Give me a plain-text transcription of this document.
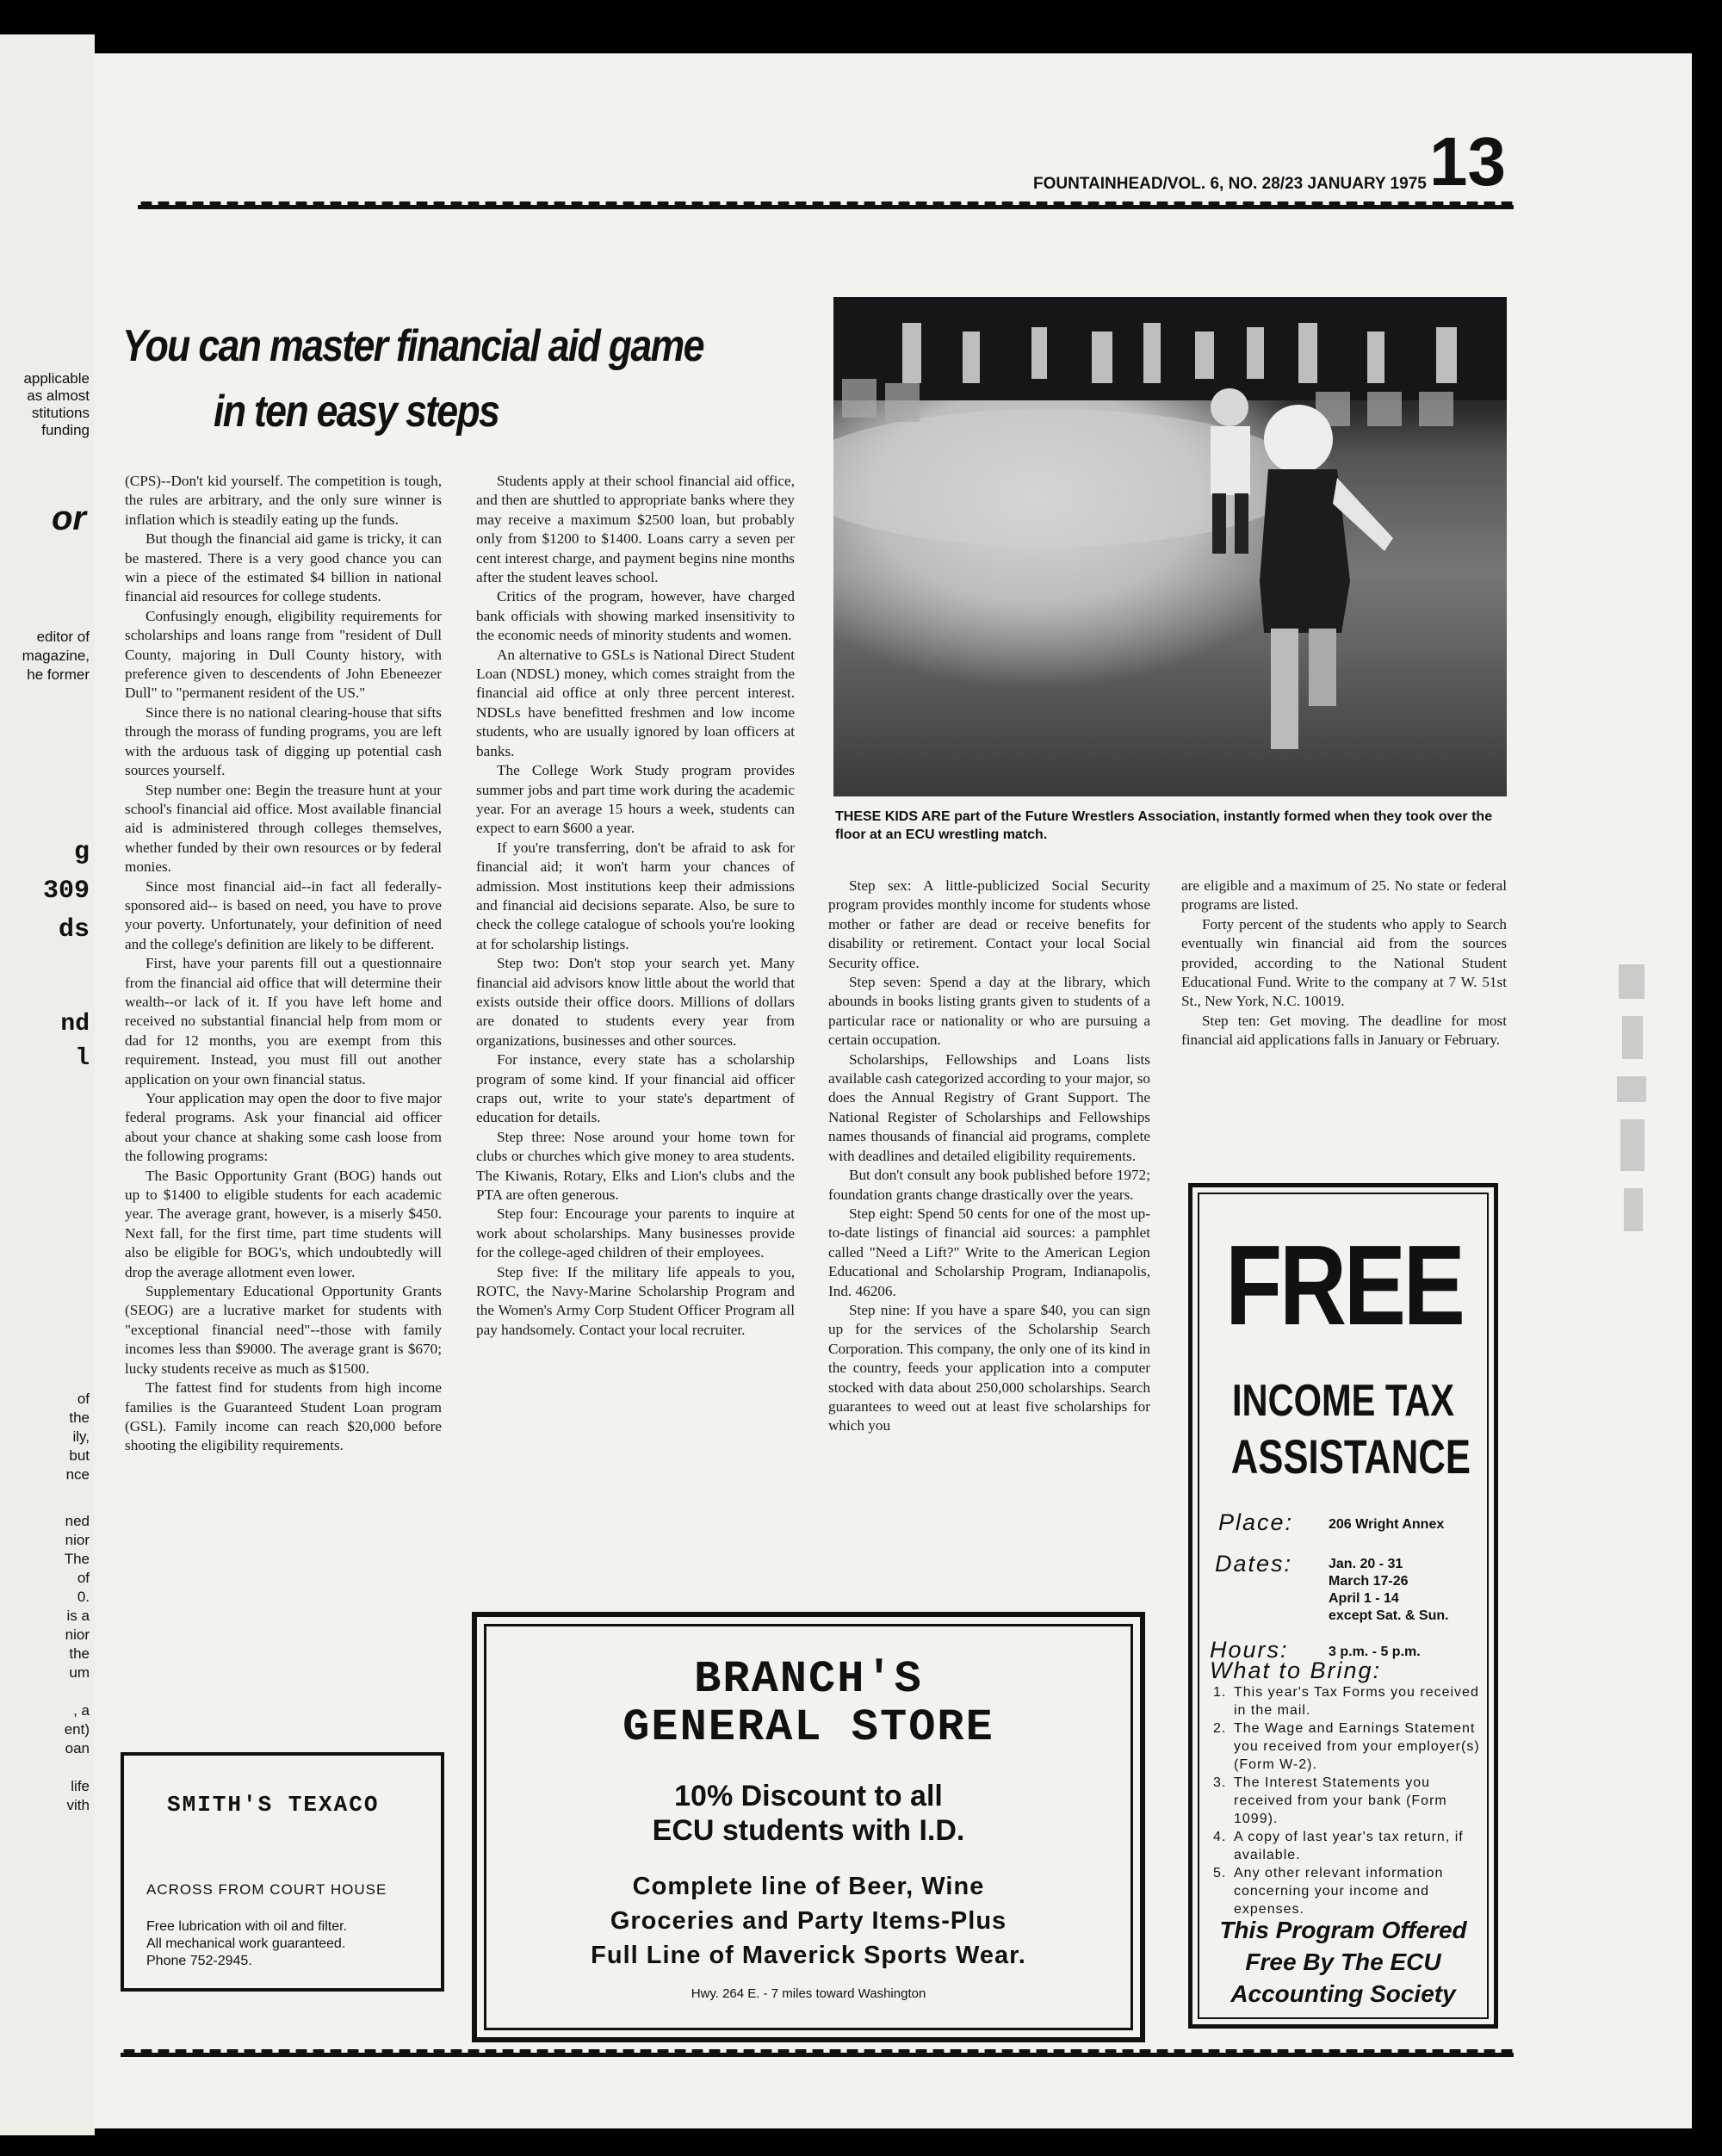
applicable
as almost
stitutions
funding
or
editor of
magazine,
he former
g
309
ds
nd
l
of
the
ily,
but
nce
ned
nior
The
of
0.
is a
nior
the
um
, a
ent)
oan
life
vith
FOUNTAINHEAD/VOL. 6, NO. 28/23 JANUARY 1975 13
You can master financial aid game
in ten easy steps

(CPS)--Don't kid yourself. The competition is tough, the rules are arbitrary, and the only sure winner is inflation which is steadily eating up the funds.

But though the financial aid game is tricky, it can be mastered. There is a very good chance you can win a piece of the estimated $4 billion in national financial aid resources for college students.

Confusingly enough, eligibility requirements for scholarships and loans range from "resident of Dull County, majoring in Dull County history, with preference given to descendents of John Ebeneezer Dull" to "permanent resident of the US."

Since there is no national clearing-house that sifts through the morass of funding programs, you are left with the arduous task of digging up potential cash sources yourself.

Step number one: Begin the treasure hunt at your school's financial aid office. Most available financial aid is administered through colleges themselves, whether funded by their own resources or by federal monies.

Since most financial aid--in fact all federally-sponsored aid-- is based on need, you have to prove your poverty. Unfortunately, your definition of need and the college's definition are likely to be different.

First, have your parents fill out a questionnaire from the financial aid office that will determine their wealth--or lack of it. If you have left home and received no substantial financial help from mom or dad for 12 months, you are exempt from this requirement. Instead, you must fill out another application on your own financial status.

Your application may open the door to five major federal programs. Ask your financial aid officer about your chance at shaking some cash loose from the following programs:

The Basic Opportunity Grant (BOG) hands out up to $1400 to eligible students for each academic year. The average grant, however, is a miserly $450. Next fall, for the first time, part time students will also be eligible for BOG's, which undoubtedly will drop the average allotment even lower.

Supplementary Educational Opportunity Grants (SEOG) are a lucrative market for students with "exceptional financial need"--those with family incomes less than $9000. The average grant is $670; lucky students receive as much as $1500.

The fattest find for students from high income families is the Guaranteed Student Loan program (GSL). Family income can reach $20,000 before shooting the eligibility requirements.

Students apply at their school financial aid office, and then are shuttled to appropriate banks where they may receive a maximum $2500 loan, but probably only from $1200 to $1400. Loans carry a seven per cent interest charge, and payment begins nine months after the student leaves school.

Critics of the program, however, have charged bank officials with showing marked insensitivity to the economic needs of minority students and women.

An alternative to GSLs is National Direct Student Loan (NDSL) money, which comes straight from the financial aid office at only three percent interest. NDSLs have benefitted freshmen and low income students, who are usually ignored by loan officers at banks.

The College Work Study program provides summer jobs and part time work during the academic year. For an average 15 hours a week, students can expect to earn $600 a year.

If you're transferring, don't be afraid to ask for financial aid; it won't harm your chances of admission. Most institutions keep their admissions and financial aid decisions separate. Also, be sure to check the college catalogue of schools you're looking at for scholarship listings.

Step two: Don't stop your search yet. Many financial aid advisors know little about the world that exists outside their office doors. Millions of dollars are donated to students every year from organizations, businesses and other sources.

For instance, every state has a scholarship program of some kind. If your financial aid officer craps out, write to your state's department of education for details.

Step three: Nose around your home town for clubs or churches which give money to area students. The Kiwanis, Rotary, Elks and Lion's clubs and the PTA are often generous.

Step four: Encourage your parents to inquire at work about scholarships. Many businesses provide for the college-aged children of their employees.

Step five: If the military life appeals to you, ROTC, the Navy-Marine Scholarship Program and the Women's Army Corp Student Officer Program all pay handsomely. Contact your local recruiter.

THESE KIDS ARE part of the Future Wrestlers Association, instantly formed when they took over the floor at an ECU wrestling match.

Step sex: A little-publicized Social Security program provides monthly income for students whose mother or father are dead or receive benefits for disability or retirement. Contact your local Social Security office.

Step seven: Spend a day at the library, which abounds in books listing grants given to students of a particular race or nationality or who are pursuing a certain occupation.

Scholarships, Fellowships and Loans lists available cash categorized according to your major, so does the Annual Registry of Grant Support. The National Register of Scholarships and Fellowships names thousands of financial aid programs, complete with deadlines and detailed eligibility requirements.

But don't consult any book published before 1972; foundation grants change drastically over the years.

Step eight: Spend 50 cents for one of the most up-to-date listings of financial aid sources: a pamphlet called "Need a Lift?" Write to the American Legion Educational and Scholarship Program, Indianapolis, Ind. 46206.

Step nine: If you have a spare $40, you can sign up for the services of the Scholarship Search Corporation. This company, the only one of its kind in the country, feeds your application into a computer stocked with data about 250,000 scholarships. Search guarantees to weed out at least five scholarships for which you

are eligible and a maximum of 25. No state or federal programs are listed.

Forty percent of the students who apply to Search eventually win financial aid from the sources provided, according to the National Student Educational Fund. Write to the company at 7 W. 51st St., New York, N.C. 10019.

Step ten: Get moving. The deadline for most financial aid applications falls in January or February.

SMITH'S TEXACO
ACROSS FROM COURT HOUSE
Free lubrication with oil and filter.
All mechanical work guaranteed.
Phone 752-2945.
BRANCH'S
GENERAL STORE
10% Discount to all
ECU students with I.D.
Complete line of Beer, Wine
Groceries and Party Items-Plus
Full Line of Maverick Sports Wear.
Hwy. 264 E. - 7 miles toward Washington
FREE
INCOME TAX
ASSISTANCE
Place:	206 Wright Annex
Dates:	Jan. 20 - 31
March 17-26
April 1 - 14
except Sat. & Sun.
Hours:	3 p.m. - 5 p.m.
What to Bring:
1. This year's Tax Forms you received in the mail.
2. The Wage and Earnings Statement you received from your employer(s) (Form W-2).
3. The Interest Statements you received from your bank (Form 1099).
4. A copy of last year's tax return, if available.
5. Any other relevant information concerning your income and expenses.
This Program Offered
Free By The ECU
Accounting Society
